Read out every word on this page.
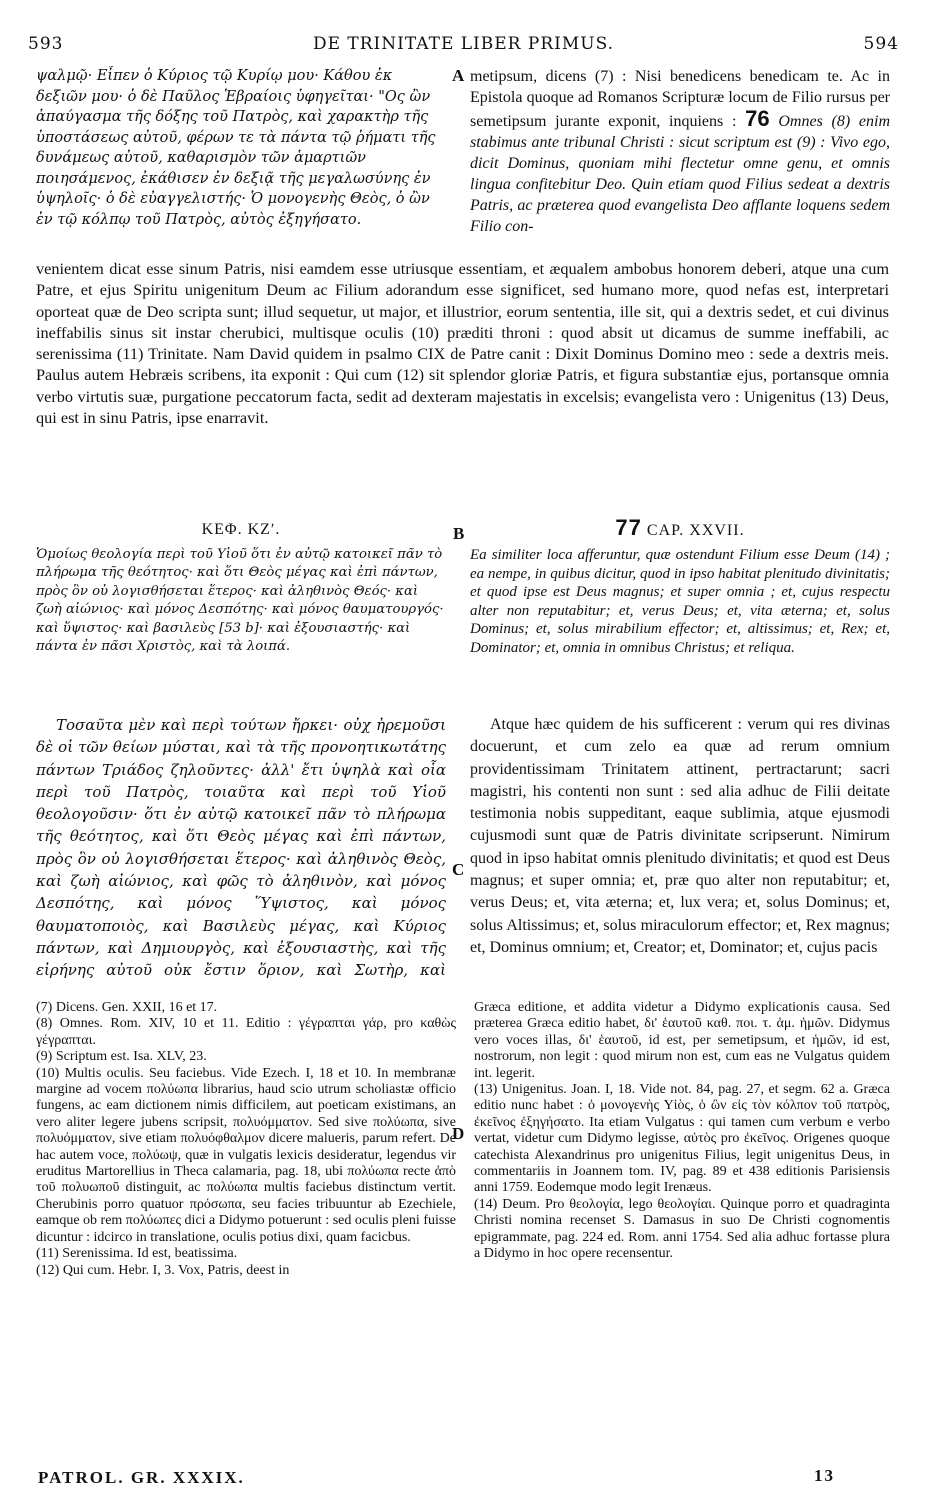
593	DE TRINITATE LIBER PRIMUS.	594
A
B
C
D

ψαλμῷ· Εἶπεν ὁ Κύριος τῷ Κυρίῳ μου· Κάθου ἐκ δεξιῶν μου· ὁ δὲ Παῦλος Ἑβραίοις ὑφηγεῖται· "Ος ὢν ἀπαύγασμα τῆς δόξης τοῦ Πατρὸς, καὶ χαρακτὴρ τῆς ὑποστάσεως αὐτοῦ, φέρων τε τὰ πάντα τῷ ῥήματι τῆς δυνάμεως αὐτοῦ, καθαρισμὸν τῶν ἁμαρτιῶν ποιησάμενος, ἐκάθισεν ἐν δεξιᾷ τῆς μεγαλωσύνης ἐν ὑψηλοῖς· ὁ δὲ εὐαγγελιστής· Ὁ μονογενὴς Θεὸς, ὁ ὢν ἐν τῷ κόλπῳ τοῦ Πατρὸς, αὐτὸς ἐξηγήσατο.

metipsum, dicens (7) : Nisi benedicens benedicam te. Ac in Epistola quoque ad Romanos Scripturæ locum de Filio rursus per semetipsum jurante exponit, inquiens : 76 Omnes (8) enim stabimus ante tribunal Christi : sicut scriptum est (9) : Vivo ego, dicit Dominus, quoniam mihi flectetur omne genu, et omnis lingua confitebitur Deo. Quin etiam quod Filius sedeat a dextris Patris, ac præterea quod evangelista Deo afflante loquens sedem Filio con-

venientem dicat esse sinum Patris, nisi eamdem esse utriusque essentiam, et æqualem ambobus honorem deberi, atque una cum Patre, et ejus Spiritu unigenitum Deum ac Filium adorandum esse significet, sed humano more, quod nefas est, interpretari oporteat quæ de Deo scripta sunt; illud sequetur, ut major, et illustrior, eorum sententia, ille sit, qui a dextris sedet, et cui divinus ineffabilis sinus sit instar cherubici, multisque oculis (10) præditi throni : quod absit ut dicamus de summe ineffabili, ac serenissima (11) Trinitate. Nam David quidem in psalmo CIX de Patre canit : Dixit Dominus Domino meo : sede a dextris meis. Paulus autem Hebræis scribens, ita exponit : Qui cum (12) sit splendor gloriæ Patris, et figura substantiæ ejus, portansque omnia verbo virtutis suæ, purgatione peccatorum facta, sedit ad dexteram majestatis in excelsis; evangelista vero : Unigenitus (13) Deus, qui est in sinu Patris, ipse enarravit.

ΚΕΦ. ΚΖʹ.	77 CAP. XXVII.

Ὁμοίως θεολογία περὶ τοῦ Υἱοῦ ὅτι ἐν αὐτῷ κατοικεῖ πᾶν τὸ πλήρωμα τῆς θεότητος· καὶ ὅτι Θεὸς μέγας καὶ ἐπὶ πάντων, πρὸς ὃν οὐ λογισθήσεται ἕτερος· καὶ ἀληθινὸς Θεός· καὶ ζωὴ αἰώνιος· καὶ μόνος Δεσπότης· καὶ μόνος θαυματουργός· καὶ ὕψιστος· καὶ βασιλεὺς [53 b]· καὶ ἐξουσιαστής· καὶ πάντα ἐν πᾶσι Χριστὸς, καὶ τὰ λοιπά.

Ea similiter loca afferuntur, quæ ostendunt Filium esse Deum (14) ; ea nempe, in quibus dicitur, quod in ipso habitat plenitudo divinitatis; et quod ipse est Deus magnus; et super omnia ; et, cujus respectu alter non reputabitur; et, verus Deus; et, vita æterna; et, solus Dominus; et, solus mirabilium effector; et, altissimus; et, Rex; et, Dominator; et, omnia in omnibus Christus; et reliqua.

Τοσαῦτα μὲν καὶ περὶ τούτων ἤρκει· οὐχ ἠρεμοῦσι δὲ οἱ τῶν θείων μύσται, καὶ τὰ τῆς προνοητικωτάτης πάντων Τριάδος ζηλοῦντες· ἀλλ' ἔτι ὑψηλὰ καὶ οἷα περὶ τοῦ Πατρὸς, τοιαῦτα καὶ περὶ τοῦ Υἱοῦ θεολογοῦσιν· ὅτι ἐν αὐτῷ κατοικεῖ πᾶν τὸ πλήρωμα τῆς θεότητος, καὶ ὅτι Θεὸς μέγας καὶ ἐπὶ πάντων, πρὸς ὃν οὐ λογισθήσεται ἕτερος· καὶ ἀληθινὸς Θεὸς, καὶ ζωὴ αἰώνιος, καὶ φῶς τὸ ἀληθινὸν, καὶ μόνος Δεσπότης, καὶ μόνος Ὕψιστος, καὶ μόνος θαυματοποιὸς, καὶ Βασιλεὺς μέγας, καὶ Κύριος πάντων, καὶ Δημιουργὸς, καὶ ἐξουσιαστὴς, καὶ τῆς εἰρήνης αὐτοῦ οὐκ ἔστιν ὅριον, καὶ Σωτὴρ, καὶ

Atque hæc quidem de his sufficerent : verum qui res divinas docuerunt, et cum zelo ea quæ ad rerum omnium providentissimam Trinitatem attinent, pertractarunt; sacri magistri, his contenti non sunt : sed alia adhuc de Filii deitate testimonia nobis suppeditant, eaque sublimia, atque ejusmodi cujusmodi sunt quæ de Patris divinitate scripserunt. Nimirum quod in ipso habitat omnis plenitudo divinitatis; et quod est Deus magnus; et super omnia; et, præ quo alter non reputabitur; et, verus Deus; et, vita æterna; et, lux vera; et, solus Dominus; et, solus Altissimus; et, solus miraculorum effector; et, Rex magnus; et, Dominus omnium; et, Creator; et, Dominator; et, cujus pacis

(7) Dicens. Gen. XXII, 16 et 17.

(8) Omnes. Rom. XIV, 10 et 11. Editio : γέγραπται γάρ, pro καθὼς γέγραπται.

(9) Scriptum est. Isa. XLV, 23.

(10) Multis oculis. Seu faciebus. Vide Ezech. I, 18 et 10. In membranæ margine ad vocem πολύωπα librarius, haud scio utrum scholiastæ officio fungens, ac eam dictionem nimis difficilem, aut poeticam existimans, an vero aliter legere jubens scripsit, πολυόμματον. Sed sive πολύωπα, sive πολυόμματον, sive etiam πολυόφθαλμον dicere malueris, parum refert. De hac autem voce, πολύωψ, quæ in vulgatis lexicis desideratur, legendus vir eruditus Martorellius in Theca calamaria, pag. 18, ubi πολύωπα recte ἀπὸ τοῦ πολυωποῦ distinguit, ac πολύωπα multis faciebus distinctum vertit. Cherubinis porro quatuor πρόσωπα, seu facies tribuuntur ab Ezechiele, eamque ob rem πολύωπες dici a Didymo potuerunt : sed oculis pleni fuisse dicuntur : idcirco in translatione, oculis potius dixi, quam facicbus.

(11) Serenissima. Id est, beatissima.

(12) Qui cum. Hebr. I, 3. Vox, Patris, deest in

Græca editione, et addita videtur a Didymo explicationis causa. Sed præterea Græca editio habet, δι' ἑαυτοῦ καθ. ποι. τ. ἁμ. ἡμῶν. Didymus vero voces illas, δι' ἑαυτοῦ, id est, per semetipsum, et ἡμῶν, id est, nostrorum, non legit : quod mirum non est, cum eas ne Vulgatus quidem int. legerit.

(13) Unigenitus. Joan. I, 18. Vide not. 84, pag. 27, et segm. 62 a. Græca editio nunc habet : ὁ μονογενὴς Υἱὸς, ὁ ὢν εἰς τὸν κόλπον τοῦ πατρὸς, ἐκεῖνος ἐξηγήσατο. Ita etiam Vulgatus : qui tamen cum verbum e verbo vertat, videtur cum Didymo legisse, αὐτὸς pro ἐκεῖνος. Origenes quoque catechista Alexandrinus pro unigenitus Filius, legit unigenitus Deus, in commentariis in Joannem tom. IV, pag. 89 et 438 editionis Parisiensis anni 1759. Eodemque modo legit Irenæus.

(14) Deum. Pro θεολογία, lego θεολογίαι. Quinque porro et quadraginta Christi nomina recenset S. Damasus in suo De Christi cognomentis epigrammate, pag. 224 ed. Rom. anni 1754. Sed alia adhuc fortasse plura a Didymo in hoc opere recensentur.

PATROL. GR. XXXIX.	13
